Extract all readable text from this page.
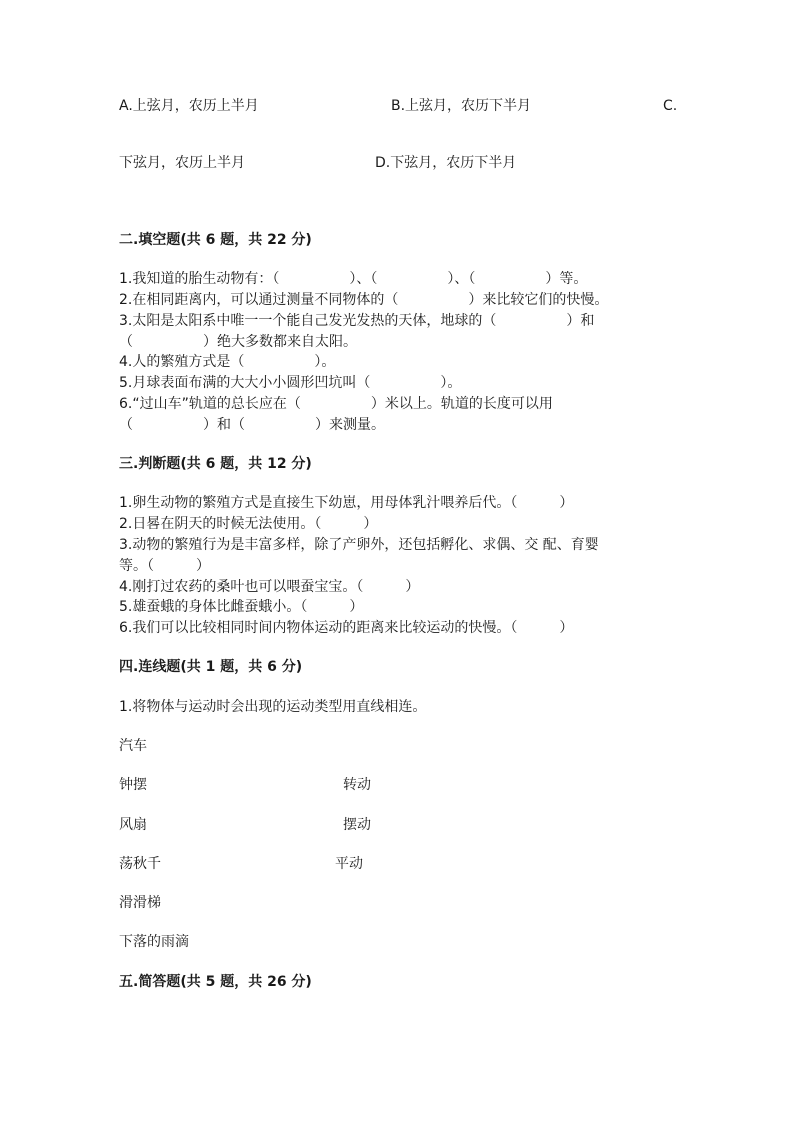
A.上弦月，农历上半月	B.上弦月，农历下半月	C.
下弦月，农历上半月	D.下弦月，农历下半月
二.填空题(共 6 题，共 22 分)
1.我知道的胎生动物有：（　　　　　）、（　　　　　）、（　　　　　）等。
2.在相同距离内，可以通过测量不同物体的（　　　　　）来比较它们的快慢。
3.太阳是太阳系中唯一一个能自己发光发热的天体，地球的（　　　　　）和
（　　　　　）绝大多数都来自太阳。
4.人的繁殖方式是（　　　　　）。
5.月球表面布满的大大小小圆形凹坑叫（　　　　　）。
6.“过山车”轨道的总长应在（　　　　　）米以上。轨道的长度可以用
（　　　　　）和（　　　　　）来测量。
三.判断题(共 6 题，共 12 分)
1.卵生动物的繁殖方式是直接生下幼崽，用母体乳汁喂养后代。（　　　）
2.日晷在阴天的时候无法使用。（　　　）
3.动物的繁殖行为是丰富多样，除了产卵外，还包括孵化、求偶、交 配、育婴
等。（　　　）
4.刚打过农药的桑叶也可以喂蚕宝宝。（　　　）
5.雄蚕蛾的身体比雌蚕蛾小。（　　　）
6.我们可以比较相同时间内物体运动的距离来比较运动的快慢。（　　　）
四.连线题(共 1 题，共 6 分)
1.将物体与运动时会出现的运动类型用直线相连。
汽车
钟摆	转动
风扇	摆动
荡秋千	平动
滑滑梯
下落的雨滴
五.简答题(共 5 题，共 26 分)
